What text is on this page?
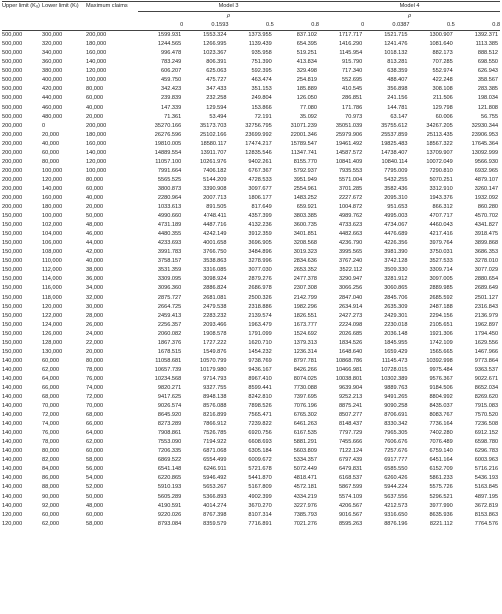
Upper limit (Kᵤ)	Lower limit (Kₗ)	Maximum claims	Model 3				Model 4			
			ρ				ρ			
			0	0.1593	0.5	0.8	0	0.0387	0.5	0.8
500,000	300,000	200,000	1599.931	1553.324	1373.955	837.102	1717.717	1521.715	1300.907	1392.371
500,000	320,000	180,000	1244.565	1266.995	1139.439	654.395	1416.290	1241.476	1081.640	1113.385
500,000	340,000	160,000	996.478	1023.367	935.958	519.251	1145.954	1018.132	882.173	888.512
500,000	360,000	140,000	783.249	806.391	751.390	413.834	915.790	813.281	707.285	698.550
500,000	380,000	120,000	606.207	625.063	592.395	329.498	717.340	638.359	552.974	626.943
500,000	400,000	100,000	459.750	475.727	463.474	254.819	552.695	488.407	422.248	358.567
500,000	420,000	80,000	342.423	347.433	351.153	185.889	410.545	356.898	308.108	283.385
500,000	440,000	60,000	239.839	232.258	249.804	126.050	286.851	241.156	211.506	198.034
500,000	460,000	40,000	147.339	129.594	153.866	77.080	171.786	144.781	129.798	121.808
500,000	480,000	20,000	71.361	53.494	72.191	35.092	70.973	63.147	60.006	56.755
200,000	0	200,000	35270.166	35173.703	32756.795	31071.239	35051.039	35755.612	34267.205	32930.344
200,000	20,000	180,000	26276.596	25102.166	23699.992	22001.346	25979.906	25537.859	25113.435	23906.953
200,000	40,000	160,000	19810.005	18580.117	17474.217	15789.547	19461.492	19825.483	18567.322	17645.364
200,000	60,000	140,000	14889.554	13911.707	12835.546	11347.741	14587.572	14738.407	13709.907	13092.999
200,000	80,000	120,000	11057.100	10261.976	9402.261	8155.770	10841.409	10840.114	10072.049	9566.930
200,000	100,000	100,000	7991.664	7406.182	6767.367	5792.937	7935.553	7795.009	7290.810	6932.965
200,000	120,000	80,000	5565.525	5144.209	4728.533	3951.949	5571.004	5432.255	5070.251	4879.107
200,000	140,000	60,000	3800.873	3390.908	3097.677	2554.961	3701.285	3582.436	3312.910	3260.147
200,000	160,000	40,000	2280.964	2007.713	1806.177	1483.252	2227.672	2095.310	1943.376	1932.092
200,000	180,000	20,000	1033.613	891.505	817.649	659.921	1004.872	951.653	866.312	860.280
150,000	100,000	50,000	4990.660	4748.411	4357.399	3803.385	4989.762	4995.003	4707.717	4570.702
150,000	102,000	48,000	4731.189	4487.716	4132.236	3600.735	4733.623	4734.067	4460.043	4341.827
150,000	104,000	46,000	4480.355	4242.149	3912.359	3401.851	4482.663	4476.689	4217.416	3918.475
150,000	106,000	44,000	4233.693	4001.658	3696.905	3208.568	4236.790	4226.356	3979.764	3899.868
150,000	108,000	42,000	3991.783	3766.750	3484.896	3019.323	3995.565	3981.390	3750.031	3686.353
150,000	110,000	40,000	3758.157	3538.863	3278.996	2834.636	3767.240	3742.128	3527.533	3278.010
150,000	112,000	38,000	3531.359	3316.085	3077.030	2653.352	3522.112	3509.330	3309.714	3077.029
150,000	114,000	36,000	3309.095	3098.924	2879.276	2477.378	3290.947	3281.912	3097.005	2880.654
150,000	116,000	34,000	3096.360	2886.824	2686.978	2307.308	3066.256	3060.865	2889.985	2689.649
150,000	118,000	32,000	2875.727	2681.081	2500.326	2142.799	2847.040	2845.706	2685.592	2501.127
150,000	120,000	30,000	2664.725	2479.538	2318.886	1982.296	2634.914	2635.309	2487.188	2316.843
150,000	122,000	28,000	2459.413	2283.232	2139.574	1826.551	2427.273	2429.301	2294.156	2136.979
150,000	124,000	26,000	2256.357	2093.466	1963.479	1673.777	2224.098	2230.018	2105.651	1962.897
150,000	126,000	24,000	2060.082	1908.578	1791.099	1524.692	2026.685	2036.148	1921.306	1794.450
150,000	128,000	22,000	1867.376	1727.222	1620.710	1379.313	1834.526	1845.955	1742.109	1629.556
150,000	130,000	20,000	1678.515	1549.876	1454.232	1236.314	1648.640	1659.429	1565.665	1467.966
140,000	60,000	80,000	11058.681	10570.799	9738.769	8797.781	10868.786	11145.473	10392.998	9773.864
140,000	62,000	78,000	10657.739	10179.980	9436.167	8426.266	10466.981	10728.015	9975.484	9363.537
140,000	64,000	76,000	10234.568	9714.793	8967.410	8074.025	10038.801	10302.389	9576.367	9022.671
140,000	66,000	74,000	9820.271	9327.755	8599.441	7730.088	9639.904	9889.763	9184.506	8652.034
140,000	68,000	72,000	9417.625	8948.138	8242.810	7397.695	9252.213	9491.265	8804.992	8269.620
140,000	70,000	70,000	9026.574	8576.088	7898.526	7076.196	8875.241	9090.258	8435.037	7915.083
140,000	72,000	68,000	8645.920	8216.899	7565.471	6765.302	8507.277	8706.691	8083.767	7570.520
140,000	74,000	66,000	8273.289	7866.912	7239.822	6461.263	8148.437	8330.342	7736.164	7236.508
140,000	76,000	64,000	7908.861	7526.785	6920.756	6167.535	7797.729	7965.305	7402.280	6912.152
140,000	78,000	62,000	7553.090	7194.922	6608.693	5881.291	7455.666	7606.676	7076.489	6598.780
140,000	80,000	60,000	7206.335	6871.068	6305.184	5603.809	7122.124	7257.676	6759.140	6296.783
140,000	82,000	58,000	6869.522	6554.499	6009.672	5334.357	6797.439	6917.777	6451.164	6003.963
140,000	84,000	56,000	6541.148	6246.911	5721.678	5072.449	6479.831	6585.550	6152.709	5716.216
140,000	86,000	54,000	6220.865	5946.492	5441.870	4818.471	6168.537	6260.426	5861.233	5436.193
140,000	88,000	52,000	5910.193	5653.267	5167.809	4572.181	5867.599	5944.224	5575.726	5163.845
140,000	90,000	50,000	5605.289	5366.893	4902.399	4334.219	5574.109	5637.556	5296.521	4897.195
140,000	92,000	48,000	4190.591	4014.274	3670.270	3227.976	4206.567	4212.573	3977.990	3672.819
120,000	60,000	60,000	9220.026	8767.398	8107.314	7385.793	9016.567	9316.650	8635.936	8153.863
120,000	62,000	58,000	8793.084	8359.579	7716.891	7021.276	8595.263	8876.196	8221.112	7764.576
